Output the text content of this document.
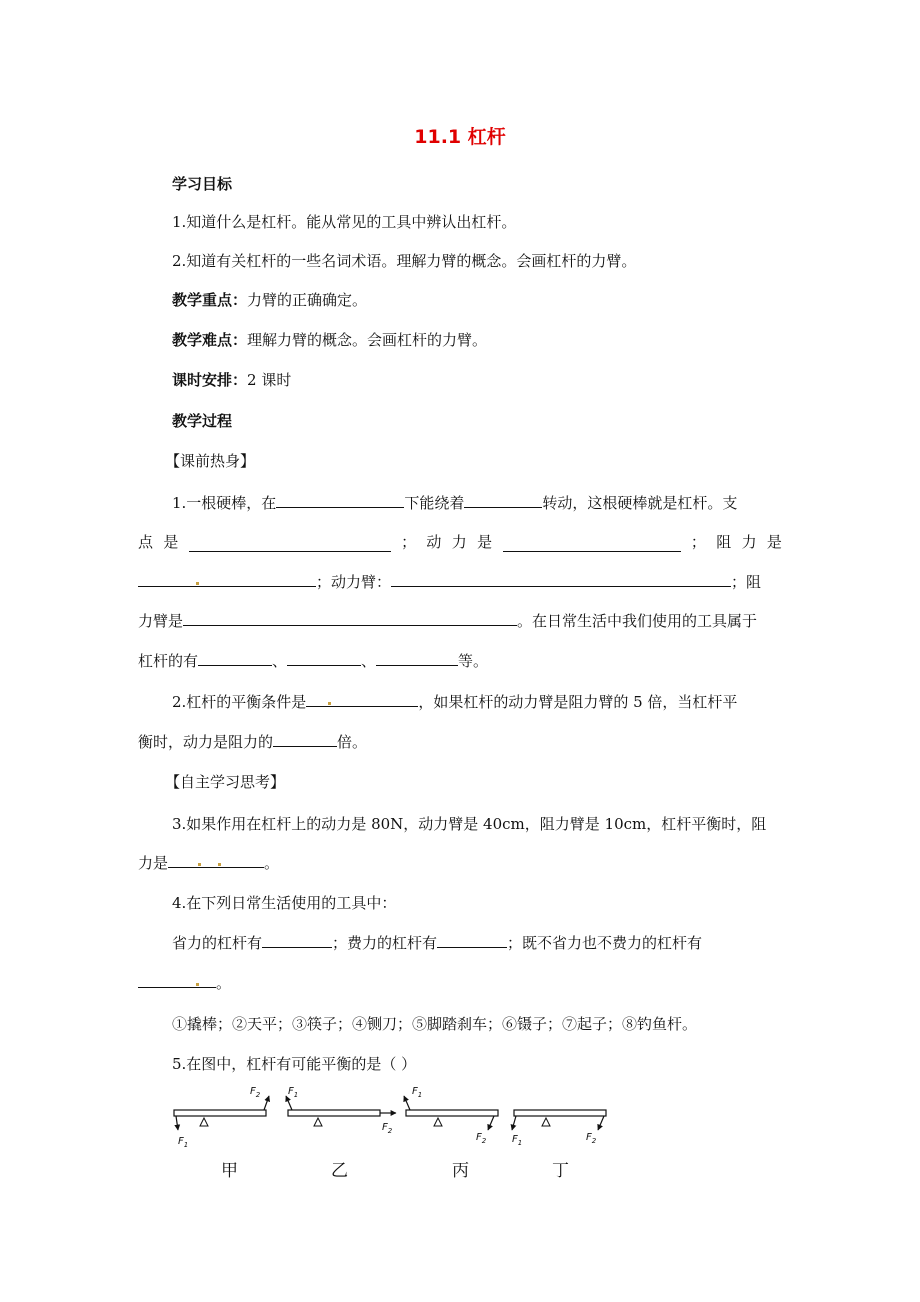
11.1 杠杆
学习目标
1.知道什么是杠杆。能从常见的工具中辨认出杠杆。
2.知道有关杠杆的一些名词术语。理解力臂的概念。会画杠杆的力臂。
教学重点：力臂的正确确定。
教学难点：理解力臂的概念。会画杠杆的力臂。
课时安排：2 课时
教学过程
【课前热身】
1.一根硬棒，在	下能绕着	转动，这根硬棒就是杠杆。支
点 是	； 动 力 是	； 阻 力 是
；动力臂：	；阻
力臂是	。在日常生活中我们使用的工具属于
杠杆的有	、	、	等。
2.杠杆的平衡条件是	，如果杠杆的动力臂是阻力臂的 5 倍，当杠杆平
衡时，动力是阻力的	倍。
【自主学习思考】
3.如果作用在杠杆上的动力是 80N，动力臂是 40cm，阻力臂是 10cm，杠杆平衡时，阻
力是	。
4.在下列日常生活使用的工具中：
省力的杠杆有	；费力的杠杆有	；既不省力也不费力的杠杆有
。
①撬棒；②天平；③筷子；④铡刀；⑤脚踏刹车；⑥镊子；⑦起子；⑧钓鱼杆。
5.在图中，杠杆有可能平衡的是（ ）
$F_1$
$F_2$	$F_1$
$F_2$
$F_1$
$F_2$	$F_1$	$F_2$
甲	乙	丙	丁
